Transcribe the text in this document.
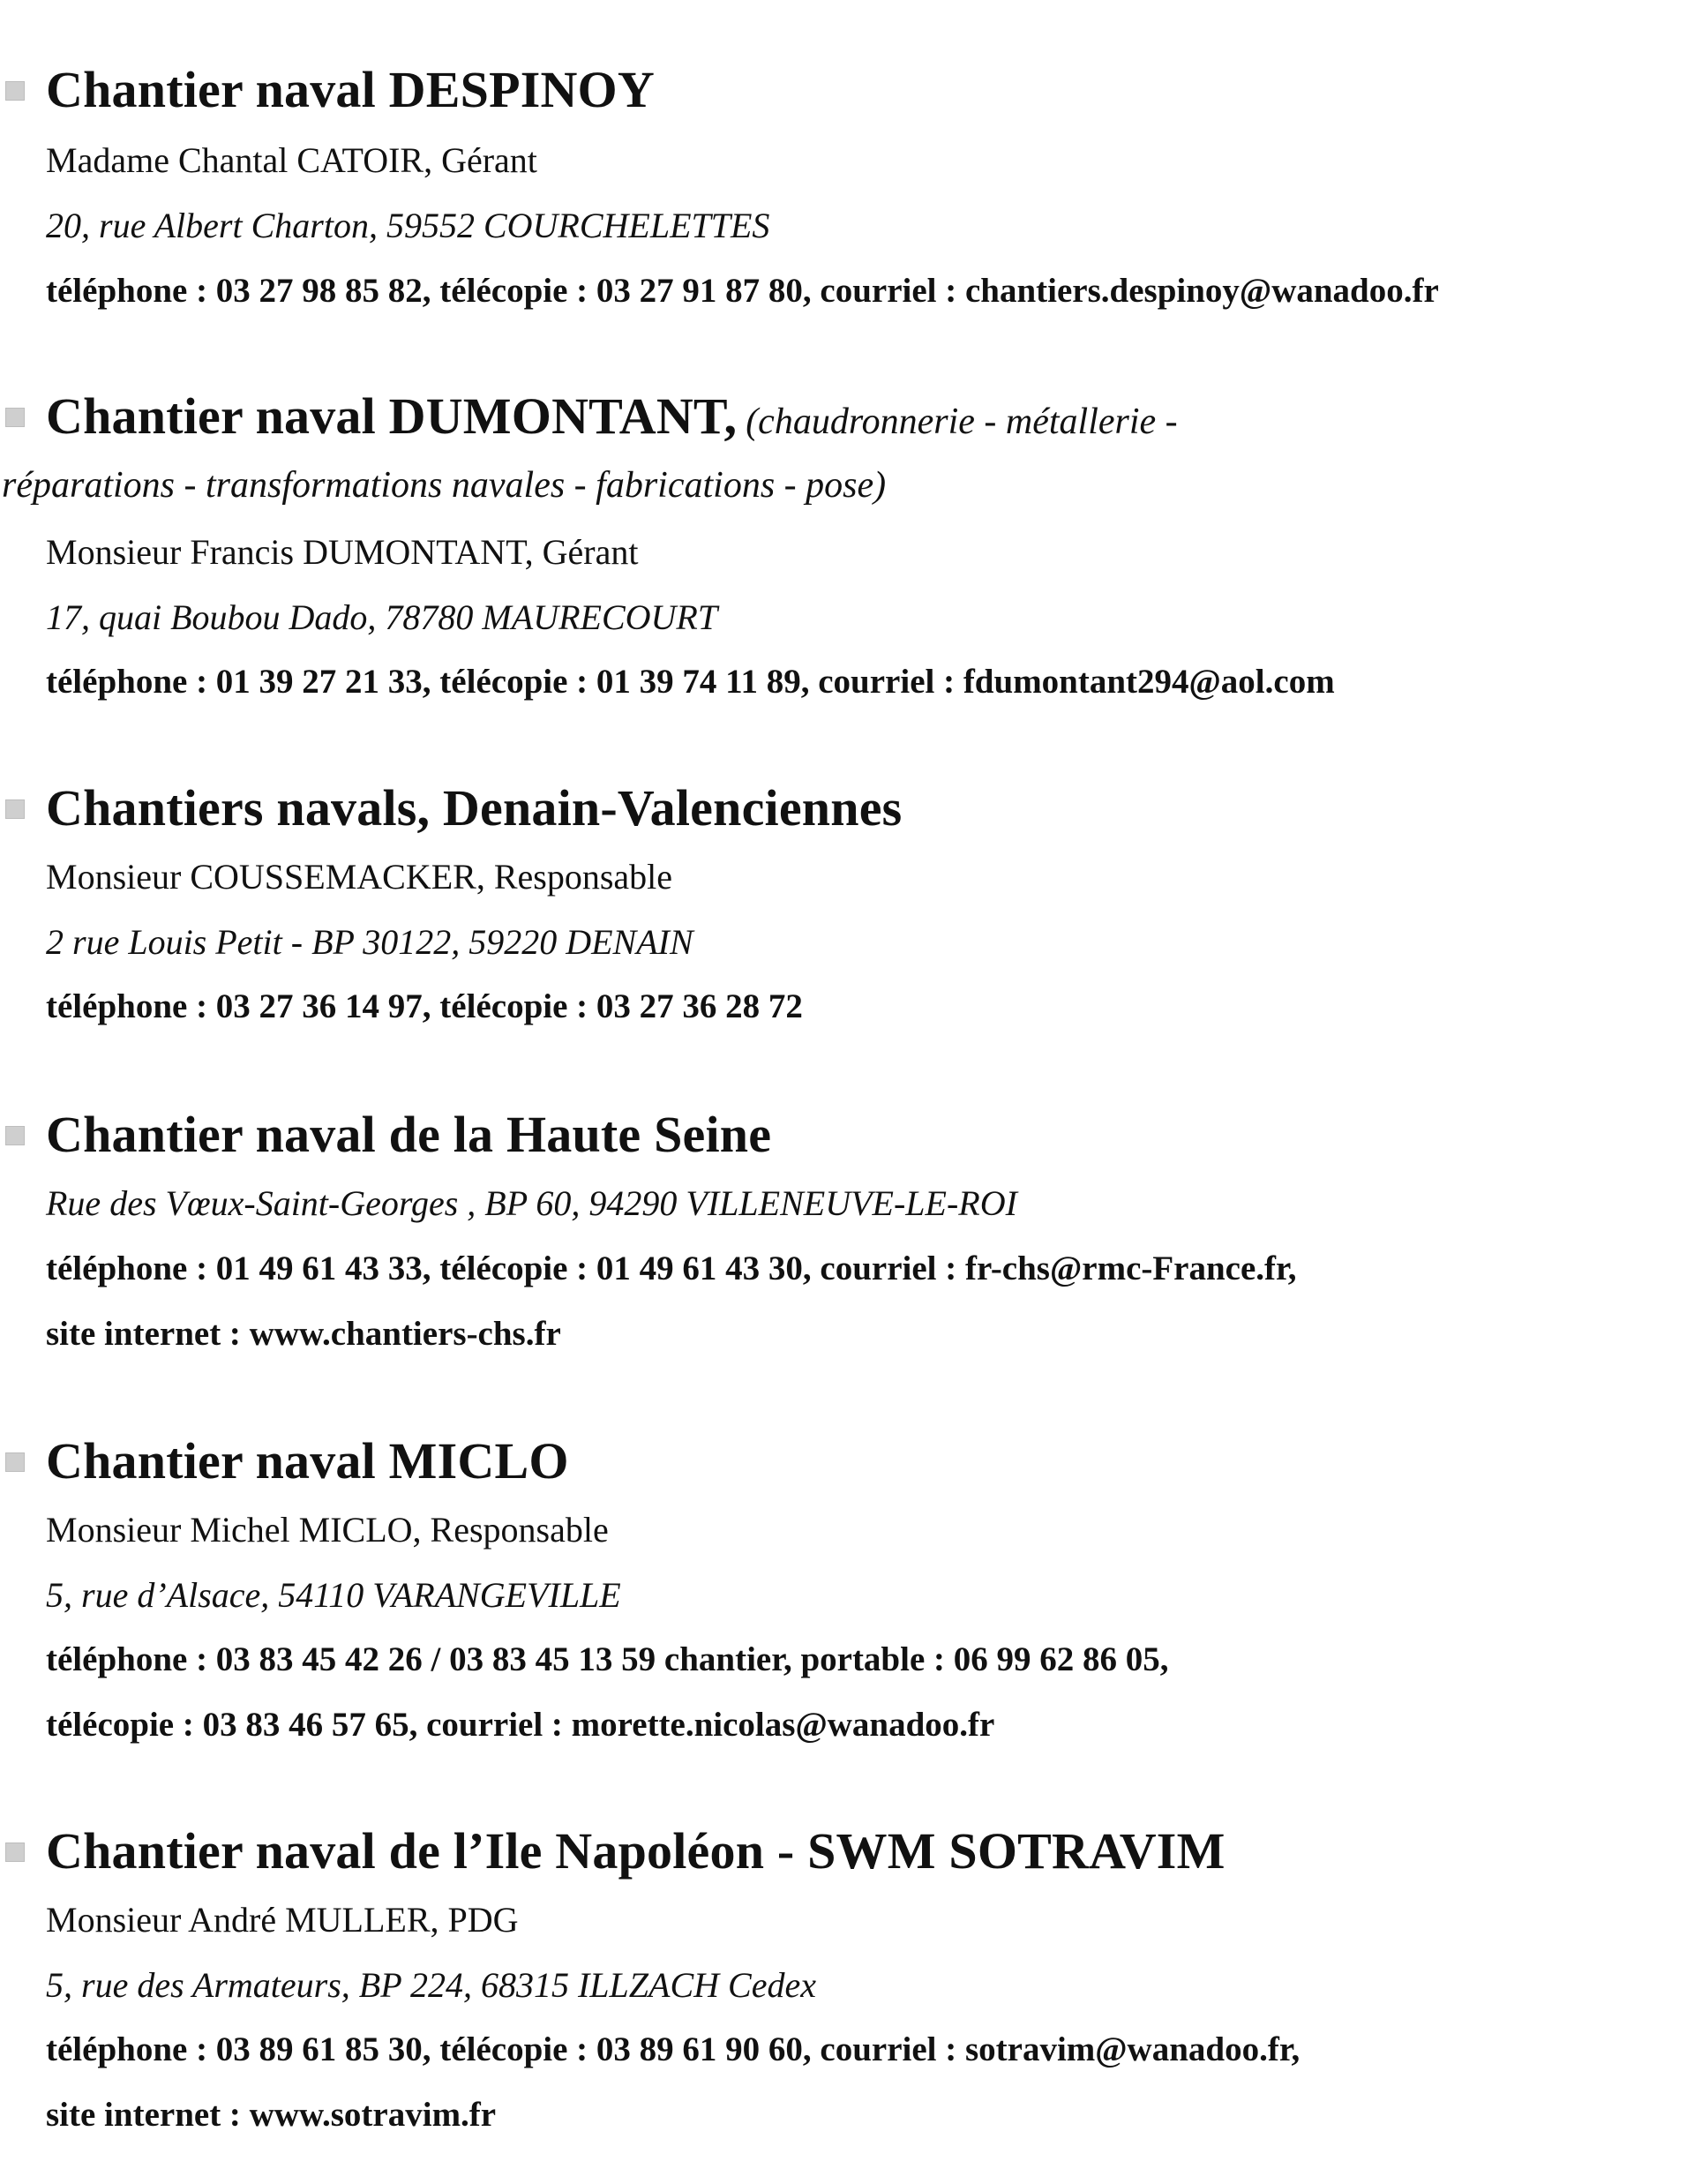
Chantier naval DESPINOY
Madame Chantal CATOIR, Gérant
20, rue Albert Charton, 59552 COURCHELETTES
téléphone : 03 27 98 85 82, télécopie : 03 27 91 87 80, courriel : chantiers.despinoy@wanadoo.fr
Chantier naval DUMONTANT, (chaudronnerie - métallerie -
réparations - transformations navales - fabrications - pose)
Monsieur Francis DUMONTANT, Gérant
17, quai Boubou Dado, 78780 MAURECOURT
téléphone : 01 39 27 21 33, télécopie : 01 39 74 11 89, courriel : fdumontant294@aol.com
Chantiers navals, Denain-Valenciennes
Monsieur COUSSEMACKER, Responsable
2 rue Louis Petit - BP 30122, 59220 DENAIN
téléphone : 03 27 36 14 97, télécopie : 03 27 36 28 72
Chantier naval de la Haute Seine
Rue des Vœux-Saint-Georges , BP 60, 94290 VILLENEUVE-LE-ROI
téléphone : 01 49 61 43 33, télécopie : 01 49 61 43 30, courriel : fr-chs@rmc-France.fr,
site internet : www.chantiers-chs.fr
Chantier naval MICLO
Monsieur Michel MICLO, Responsable
5, rue d’Alsace, 54110 VARANGEVILLE
téléphone : 03 83 45 42 26 / 03 83 45 13 59 chantier, portable : 06 99 62 86 05,
télécopie : 03 83 46 57 65, courriel : morette.nicolas@wanadoo.fr
Chantier naval de l’Ile Napoléon - SWM SOTRAVIM
Monsieur André MULLER, PDG
5, rue des Armateurs, BP 224, 68315 ILLZACH Cedex
téléphone : 03 89 61 85 30, télécopie : 03 89 61 90 60, courriel : sotravim@wanadoo.fr,
site internet : www.sotravim.fr
